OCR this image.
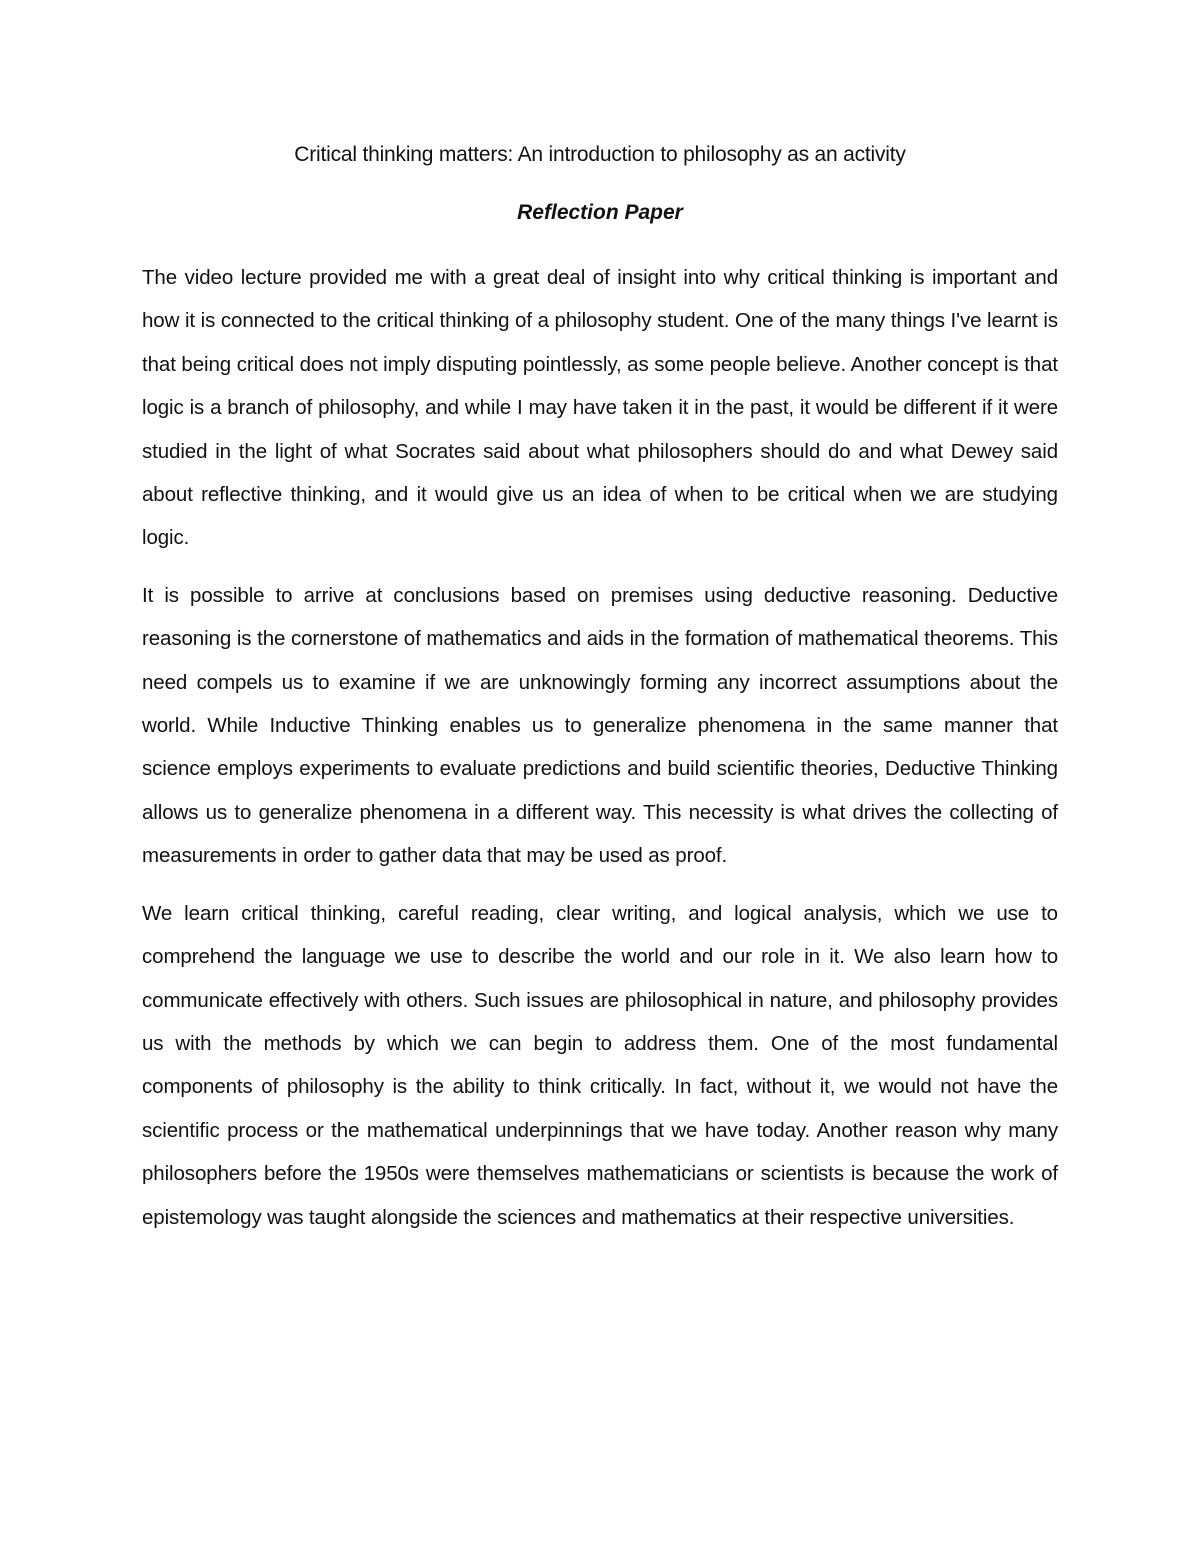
Critical thinking matters: An introduction to philosophy as an activity
Reflection Paper

The video lecture provided me with a great deal of insight into why critical thinking is important and how it is connected to the critical thinking of a philosophy student. One of the many things I've learnt is that being critical does not imply disputing pointlessly, as some people believe. Another concept is that logic is a branch of philosophy, and while I may have taken it in the past, it would be different if it were studied in the light of what Socrates said about what philosophers should do and what Dewey said about reflective thinking, and it would give us an idea of when to be critical when we are studying logic.

It is possible to arrive at conclusions based on premises using deductive reasoning. Deductive reasoning is the cornerstone of mathematics and aids in the formation of mathematical theorems. This need compels us to examine if we are unknowingly forming any incorrect assumptions about the world. While Inductive Thinking enables us to generalize phenomena in the same manner that science employs experiments to evaluate predictions and build scientific theories, Deductive Thinking allows us to generalize phenomena in a different way. This necessity is what drives the collecting of measurements in order to gather data that may be used as proof.

We learn critical thinking, careful reading, clear writing, and logical analysis, which we use to comprehend the language we use to describe the world and our role in it. We also learn how to communicate effectively with others. Such issues are philosophical in nature, and philosophy provides us with the methods by which we can begin to address them. One of the most fundamental components of philosophy is the ability to think critically. In fact, without it, we would not have the scientific process or the mathematical underpinnings that we have today. Another reason why many philosophers before the 1950s were themselves mathematicians or scientists is because the work of epistemology was taught alongside the sciences and mathematics at their respective universities.
